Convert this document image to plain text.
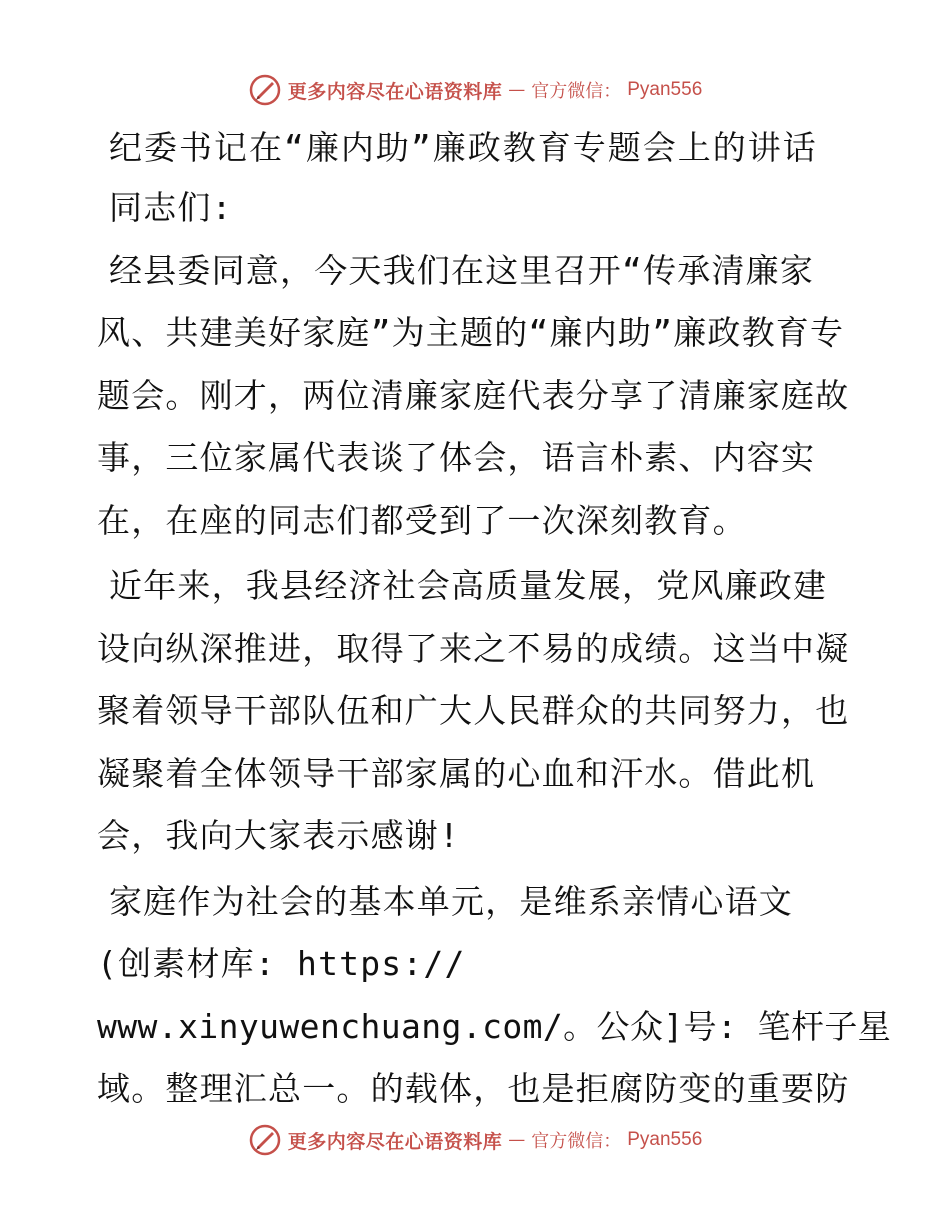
更多内容尽在心语资料库 — 官方微信： Pyan556
纪委书记在“廉内助”廉政教育专题会上的讲话

同志们:

经县委同意，今天我们在这里召开“传承清廉家风、共建美好家庭”为主题的“廉内助”廉政教育专题会。刚才，两位清廉家庭代表分享了清廉家庭故事，三位家属代表谈了体会，语言朴素、内容实在，在座的同志们都受到了一次深刻教育。

近年来，我县经济社会高质量发展，党风廉政建设向纵深推进，取得了来之不易的成绩。这当中凝聚着领导干部队伍和广大人民群众的共同努力，也凝聚着全体领导干部家属的心血和汗水。借此机会，我向大家表示感谢!

家庭作为社会的基本单元，是维系亲情心语文
(创素材库: https://
www.xinyuwenchuang.com/。公众]号: 笔杆子星
域。整理汇总一。的载体，也是拒腐防变的重要防
更多内容尽在心语资料库 — 官方微信： Pyan556
